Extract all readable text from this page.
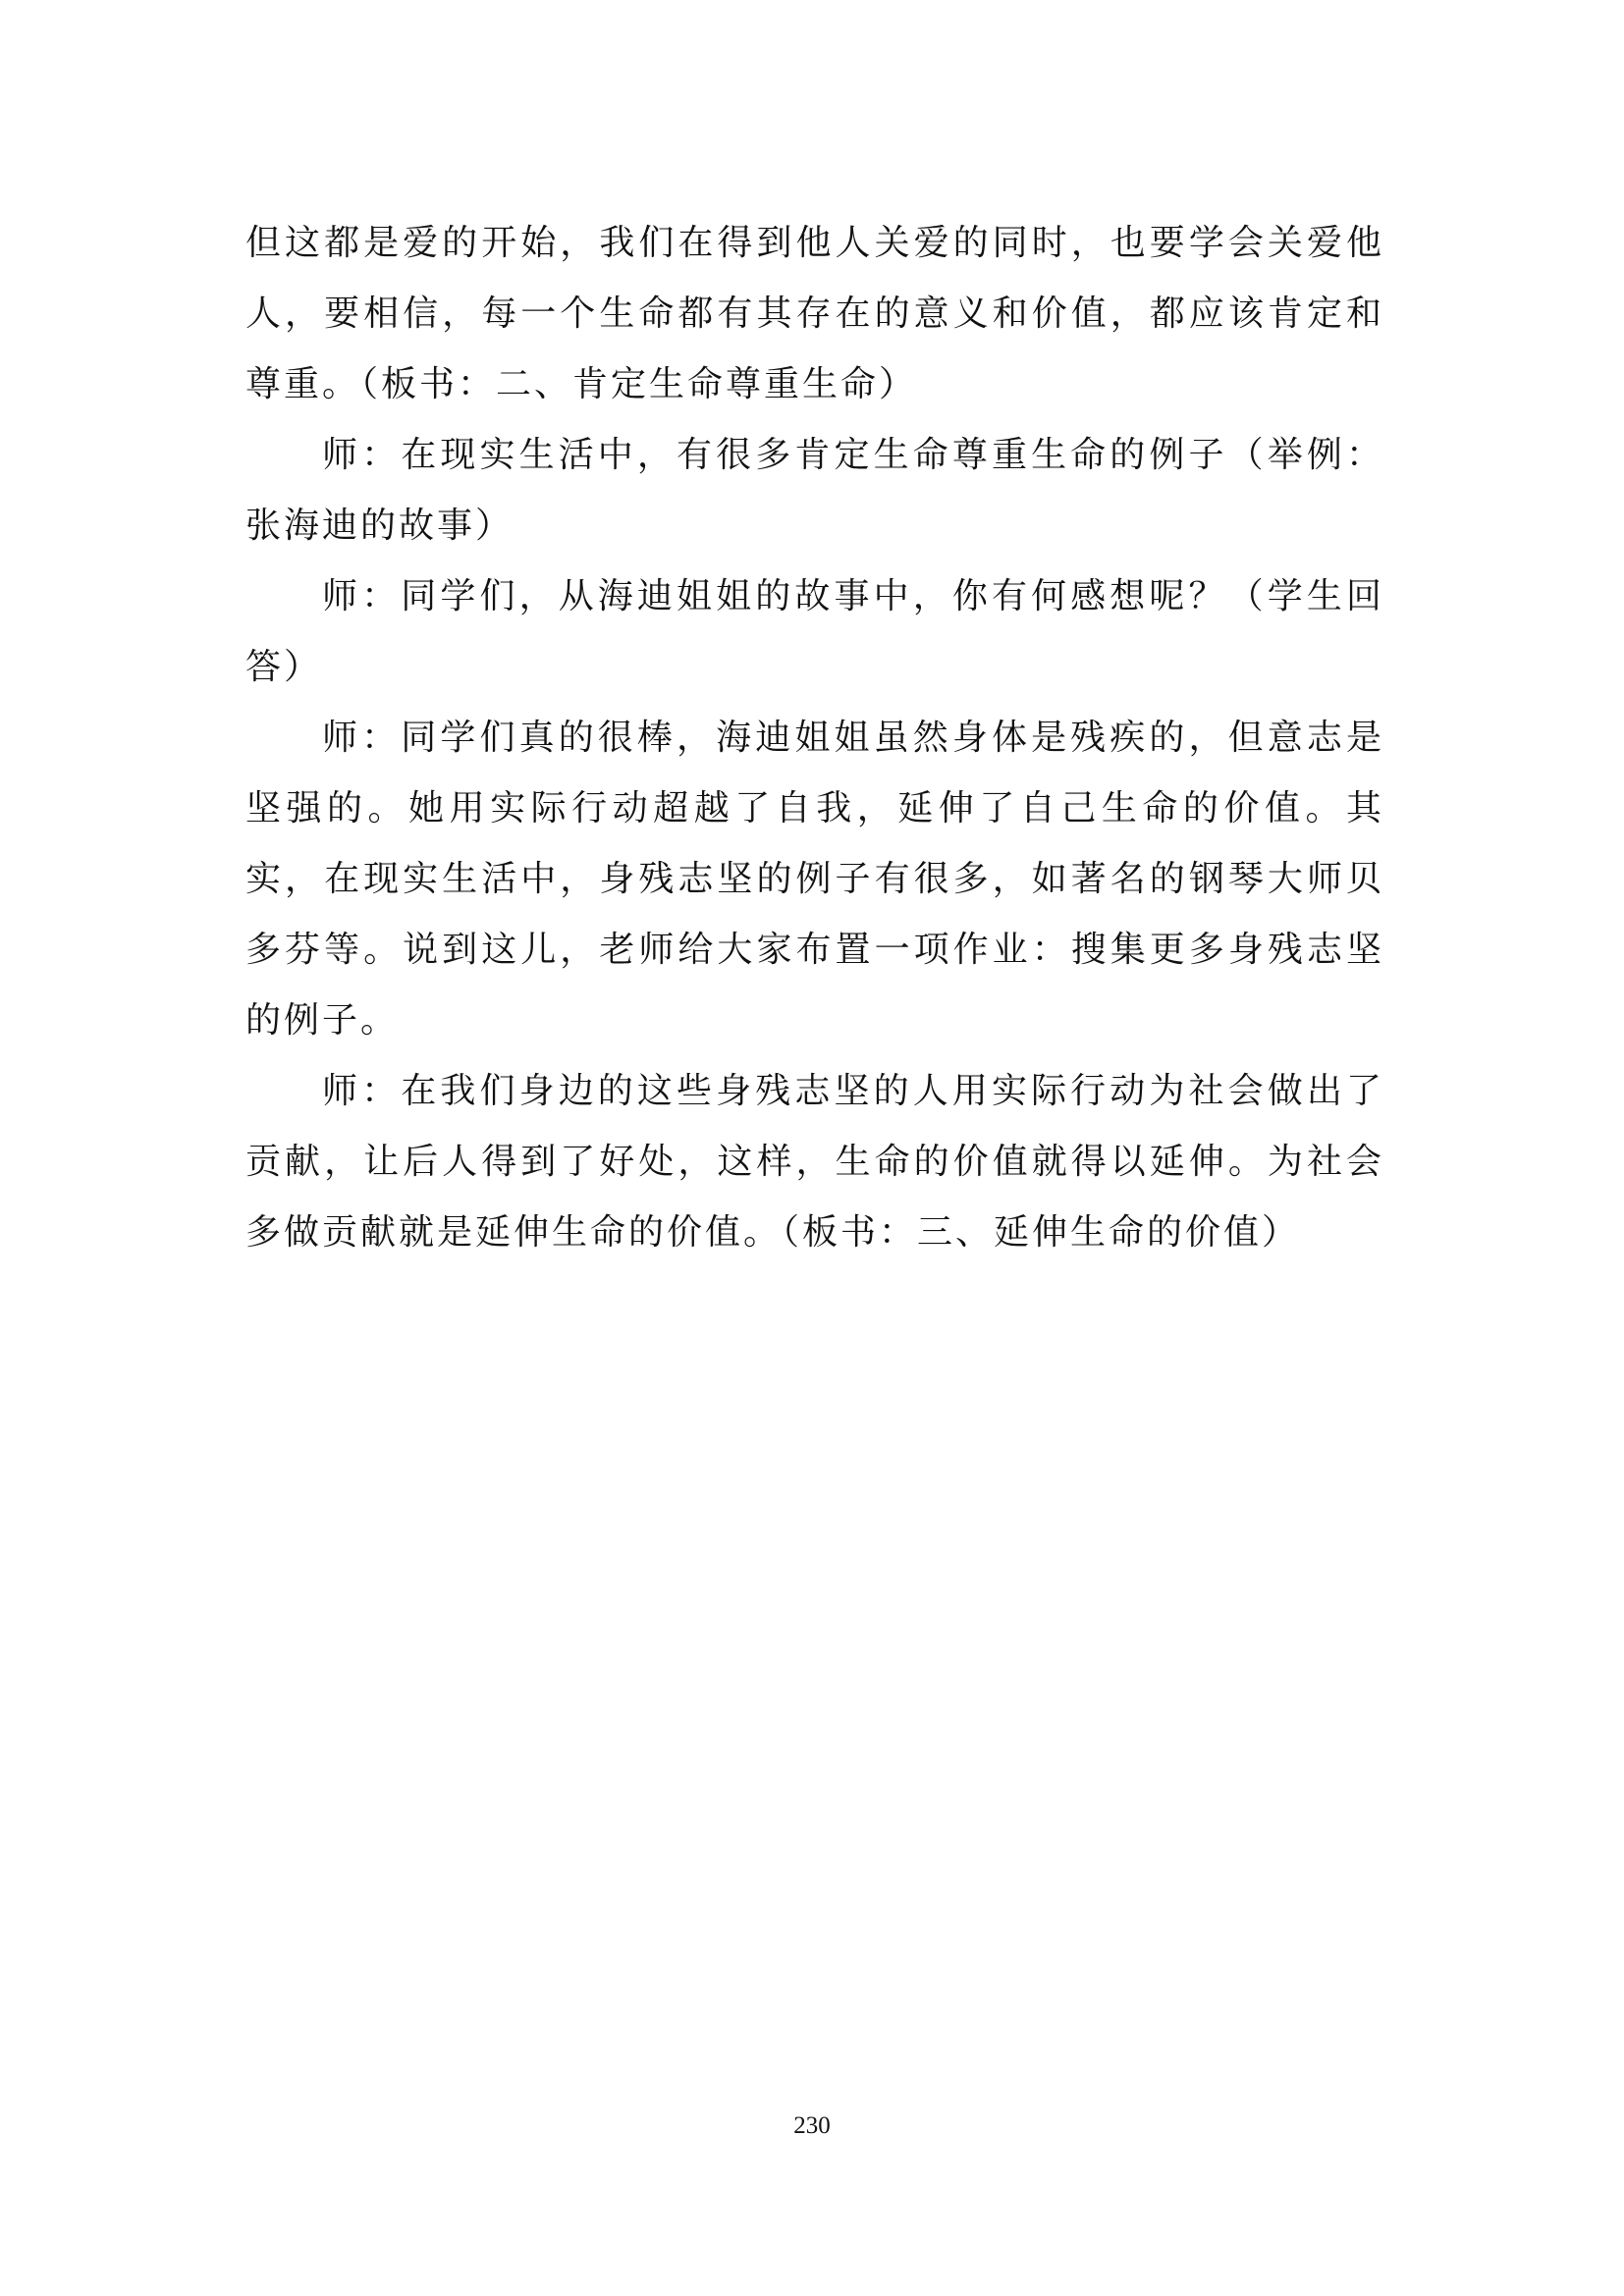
但这都是爱的开始，我们在得到他人关爱的同时，也要学会关爱他人，要相信，每一个生命都有其存在的意义和价值，都应该肯定和尊重。（板书：二、肯定生命尊重生命）

师：在现实生活中，有很多肯定生命尊重生命的例子（举例：张海迪的故事）

师：同学们，从海迪姐姐的故事中，你有何感想呢？（学生回答）

师：同学们真的很棒，海迪姐姐虽然身体是残疾的，但意志是坚强的。她用实际行动超越了自我，延伸了自己生命的价值。其实，在现实生活中，身残志坚的例子有很多，如著名的钢琴大师贝多芬等。说到这儿，老师给大家布置一项作业：搜集更多身残志坚的例子。

师：在我们身边的这些身残志坚的人用实际行动为社会做出了贡献，让后人得到了好处，这样，生命的价值就得以延伸。为社会多做贡献就是延伸生命的价值。（板书：三、延伸生命的价值）

230
